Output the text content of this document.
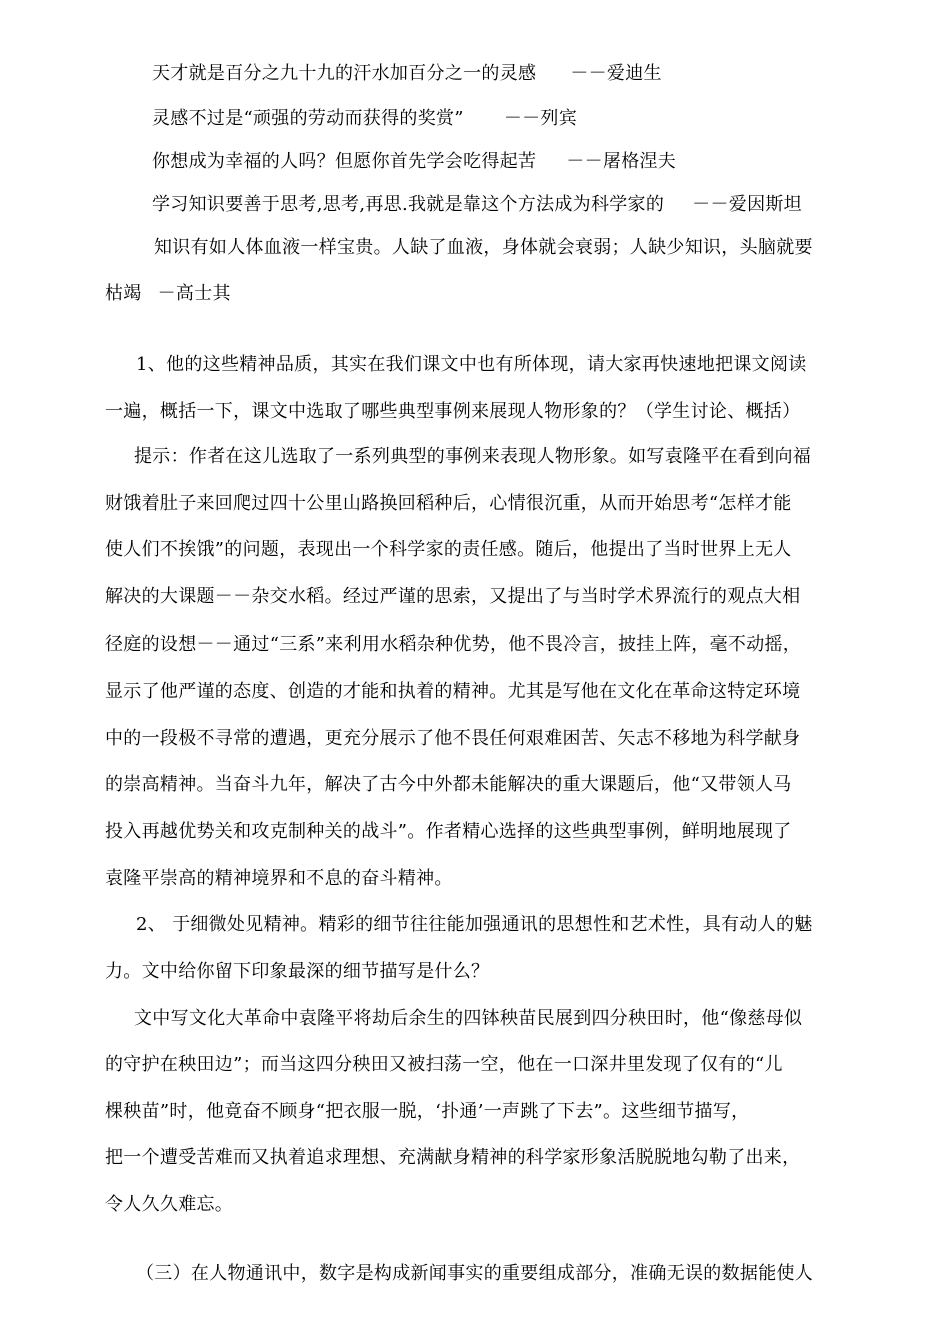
天才就是百分之九十九的汗水加百分之一的灵感 －－爱迪生
灵感不过是“顽强的劳动而获得的奖赏” －－列宾
你想成为幸福的人吗？但愿你首先学会吃得起苦 －－屠格涅夫
学习知识要善于思考,思考,再思.我就是靠这个方法成为科学家的 －－爱因斯坦
知识有如人体血液一样宝贵。人缺了血液，身体就会衰弱；人缺少知识，头脑就要
枯竭 －高士其
1、他的这些精神品质，其实在我们课文中也有所体现，请大家再快速地把课文阅读
一遍，概括一下，课文中选取了哪些典型事例来展现人物形象的？（学生讨论、概括）
提示：作者在这儿选取了一系列典型的事例来表现人物形象。如写袁隆平在看到向福
财饿着肚子来回爬过四十公里山路换回稻种后，心情很沉重，从而开始思考“怎样才能
使人们不挨饿”的问题，表现出一个科学家的责任感。随后，他提出了当时世界上无人
解决的大课题－－杂交水稻。经过严谨的思索，又提出了与当时学术界流行的观点大相
径庭的设想－－通过“三系”来利用水稻杂种优势，他不畏冷言，披挂上阵，毫不动摇，
显示了他严谨的态度、创造的才能和执着的精神。尤其是写他在文化在革命这特定环境
中的一段极不寻常的遭遇，更充分展示了他不畏任何艰难困苦、矢志不移地为科学献身
的崇高精神。当奋斗九年，解决了古今中外都未能解决的重大课题后，他“又带领人马
投入再越优势关和攻克制种关的战斗”。作者精心选择的这些典型事例，鲜明地展现了
袁隆平崇高的精神境界和不息的奋斗精神。
2、 于细微处见精神。精彩的细节往往能加强通讯的思想性和艺术性，具有动人的魅
力。文中给你留下印象最深的细节描写是什么？
文中写文化大革命中袁隆平将劫后余生的四钵秧苗民展到四分秧田时，他“像慈母似
的守护在秧田边”；而当这四分秧田又被扫荡一空，他在一口深井里发现了仅有的“儿
棵秧苗”时，他竟奋不顾身“把衣服一脱，‘扑通’一声跳了下去”。这些细节描写，
把一个遭受苦难而又执着追求理想、充满献身精神的科学家形象活脱脱地勾勒了出来，
令人久久难忘。
（三）在人物通讯中，数字是构成新闻事实的重要组成部分，准确无误的数据能使人
